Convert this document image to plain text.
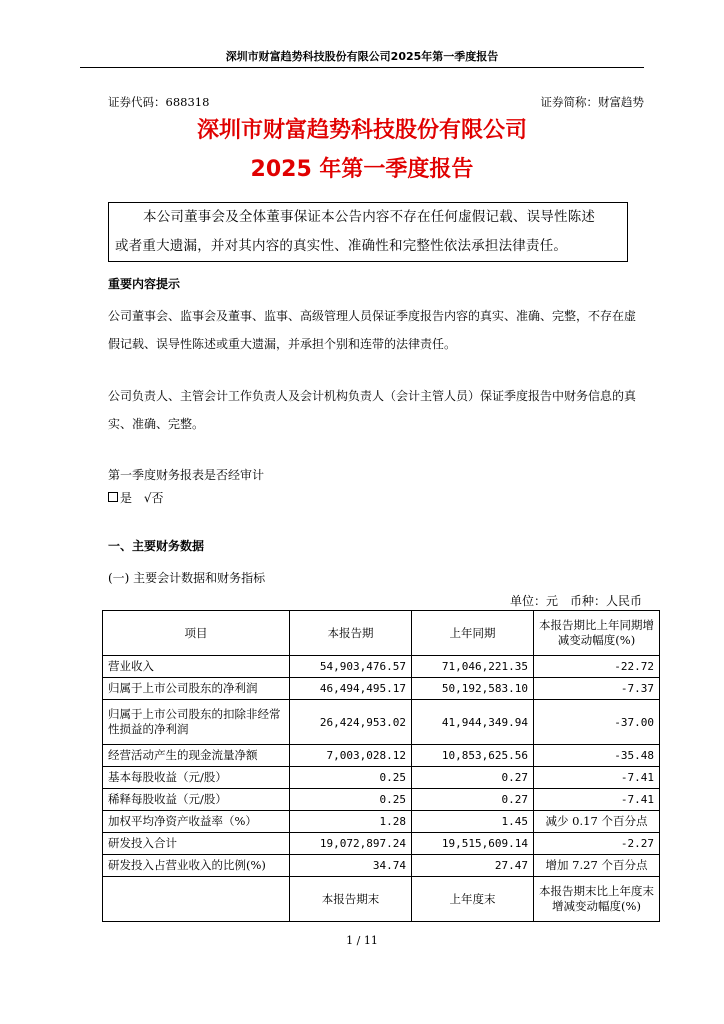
深圳市财富趋势科技股份有限公司2025年第一季度报告
证券代码：688318	证券简称：财富趋势
深圳市财富趋势科技股份有限公司
2025 年第一季度报告
本公司董事会及全体董事保证本公告内容不存在任何虚假记载、误导性陈述
或者重大遗漏，并对其内容的真实性、准确性和完整性依法承担法律责任。
重要内容提示
公司董事会、监事会及董事、监事、高级管理人员保证季度报告内容的真实、准确、完整，不存在虚假记载、误导性陈述或重大遗漏，并承担个别和连带的法律责任。
公司负责人、主管会计工作负责人及会计机构负责人（会计主管人员）保证季度报告中财务信息的真实、准确、完整。
第一季度财务报表是否经审计
是 √否
一、主要财务数据
(一) 主要会计数据和财务指标
单位：元　币种：人民币
项目	本报告期	上年同期	本报告期比上年同期增减变动幅度(%)
营业收入	54,903,476.57	71,046,221.35	-22.72
归属于上市公司股东的净利润	46,494,495.17	50,192,583.10	-7.37
归属于上市公司股东的扣除非经常性损益的净利润	26,424,953.02	41,944,349.94	-37.00
经营活动产生的现金流量净额	7,003,028.12	10,853,625.56	-35.48
基本每股收益（元/股）	0.25	0.27	-7.41
稀释每股收益（元/股）	0.25	0.27	-7.41
加权平均净资产收益率（%）	1.28	1.45	减少 0.17 个百分点
研发投入合计	19,072,897.24	19,515,609.14	-2.27
研发投入占营业收入的比例(%)	34.74	27.47	增加 7.27 个百分点
	本报告期末	上年度末	本报告期末比上年度末增减变动幅度(%)
1 / 11
